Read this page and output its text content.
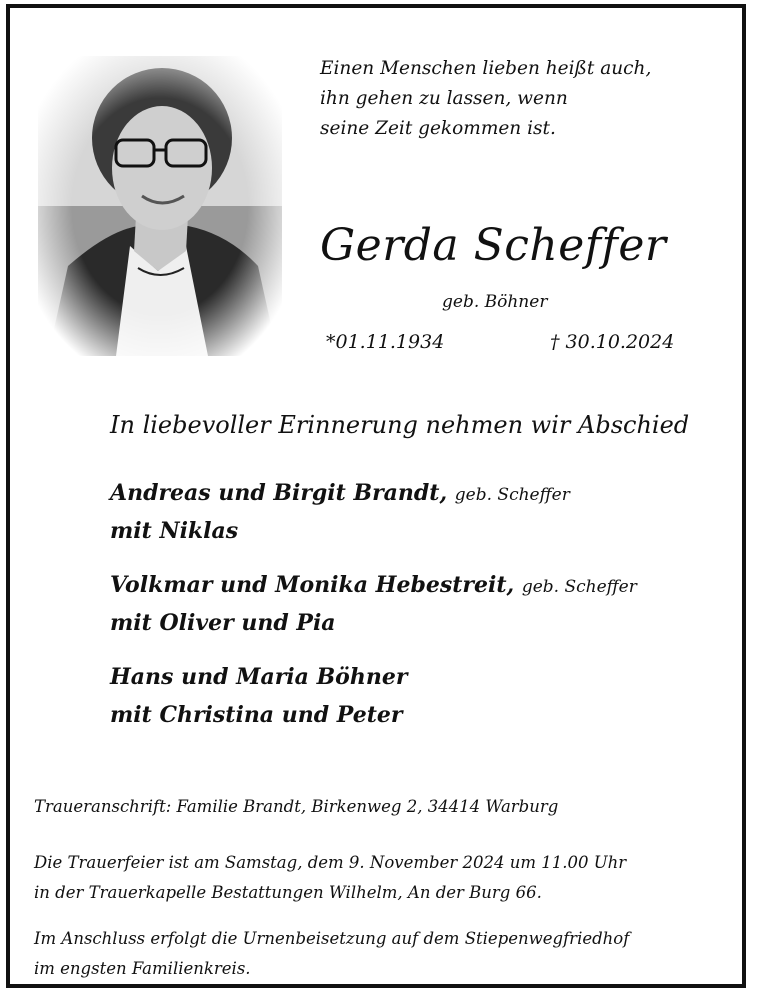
Einen Menschen lieben heißt auch,
ihn gehen zu lassen, wenn
seine Zeit gekommen ist.
Gerda Scheffer
geb. Böhner
*01.11.1934	† 30.10.2024
In liebevoller Erinnerung nehmen wir Abschied
Andreas und Birgit Brandt, geb. Scheffer
mit Niklas
Volkmar und Monika Hebestreit, geb. Scheffer
mit Oliver und Pia
Hans und Maria Böhner
mit Christina und Peter
Traueranschrift: Familie Brandt, Birkenweg 2, 34414 Warburg
Die Trauerfeier ist am Samstag, dem 9. November 2024 um 11.00 Uhr
in der Trauerkapelle Bestattungen Wilhelm, An der Burg 66.
Im Anschluss erfolgt die Urnenbeisetzung auf dem Stiepenwegfriedhof
im engsten Familienkreis.
